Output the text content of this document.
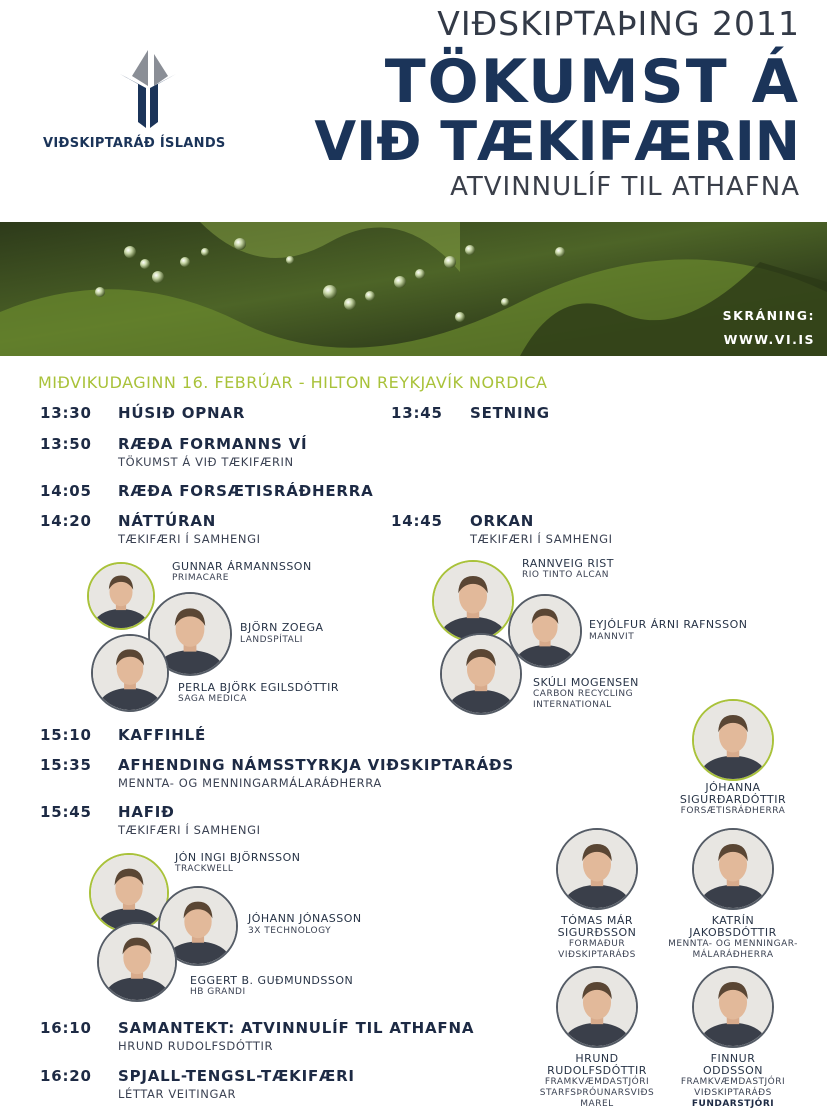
VIÐSKIPTARÁÐ ÍSLANDS
VIÐSKIPTAÞING 2011
TÖKUMST Á
VIÐ TÆKIFÆRIN
ATVINNULÍF TIL ATHAFNA
SKRÁNING:
WWW.VI.IS
MIÐVIKUDAGINN 16. FEBRÚAR - HILTON REYKJAVÍK NORDICA
13:30 HÚSIÐ OPNAR	13:45 SETNING
13:50 RÆÐA FORMANNS VÍ
TÖKUMST Á VIÐ TÆKIFÆRIN
14:05 RÆÐA FORSÆTISRÁÐHERRA
14:20 NÁTTÚRAN
TÆKIFÆRI Í SAMHENGI
14:45 ORKAN
TÆKIFÆRI Í SAMHENGI
GUNNAR ÁRMANNSSON
PRIMACARE
BJÖRN ZOEGA
LANDSPÍTALI
PERLA BJÖRK EGILSDÓTTIR
SAGA MEDICA
RANNVEIG RIST
RIO TINTO ALCAN
EYJÓLFUR ÁRNI RAFNSSON
MANNVIT
SKÚLI MOGENSEN
CARBON RECYCLING
INTERNATIONAL
15:10 KAFFIHLÉ
15:35 AFHENDING NÁMSSTYRKJA VIÐSKIPTARÁÐS
MENNTA- OG MENNINGARMÁLARÁÐHERRA
15:45 HAFIÐ
TÆKIFÆRI Í SAMHENGI
JÓN INGI BJÖRNSSON
TRACKWELL
JÓHANN JÓNASSON
3X TECHNOLOGY
EGGERT B. GUÐMUNDSSON
HB GRANDI
16:10 SAMANTEKT: ATVINNULÍF TIL ATHAFNA
HRUND RUDOLFSDÓTTIR
16:20 SPJALL-TENGSL-TÆKIFÆRI
LÉTTAR VEITINGAR
JÓHANNA
SIGURÐARDÓTTIR
FORSÆTISRÁÐHERRA
TÓMAS MÁR
SIGURÐSSON
FORMAÐUR
VIÐSKIPTARÁÐS
KATRÍN
JAKOBSDÓTTIR
MENNTA- OG MENNINGAR-
MÁLARÁÐHERRA
HRUND
RUDOLFSDÓTTIR
FRAMKVÆMDASTJÓRI
STARFSÞRÓUNARSVIÐS
MAREL
FINNUR
ODDSSON
FRAMKVÆMDASTJÓRI
VIÐSKIPTARÁÐS
FUNDARSTJÓRI
